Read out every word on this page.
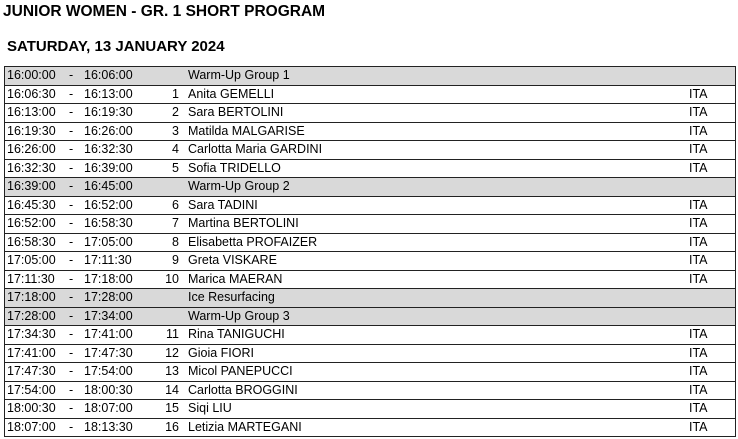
JUNIOR WOMEN - GR. 1 SHORT PROGRAM
SATURDAY, 13 JANUARY 2024
16:00:00 - 16:06:00	Warm-Up Group 1
16:06:30 - 16:13:00	1 Anita GEMELLI	ITA
16:13:00 - 16:19:30	2 Sara BERTOLINI	ITA
16:19:30 - 16:26:00	3 Matilda MALGARISE	ITA
16:26:00 - 16:32:30	4 Carlotta Maria GARDINI	ITA
16:32:30 - 16:39:00	5 Sofia TRIDELLO	ITA
16:39:00 - 16:45:00	Warm-Up Group 2
16:45:30 - 16:52:00	6 Sara TADINI	ITA
16:52:00 - 16:58:30	7 Martina BERTOLINI	ITA
16:58:30 - 17:05:00	8 Elisabetta PROFAIZER	ITA
17:05:00 - 17:11:30	9 Greta VISKARE	ITA
17:11:30 - 17:18:00	10 Marica MAERAN	ITA
17:18:00 - 17:28:00	Ice Resurfacing
17:28:00 - 17:34:00	Warm-Up Group 3
17:34:30 - 17:41:00	11 Rina TANIGUCHI	ITA
17:41:00 - 17:47:30	12 Gioia FIORI	ITA
17:47:30 - 17:54:00	13 Micol PANEPUCCI	ITA
17:54:00 - 18:00:30	14 Carlotta BROGGINI	ITA
18:00:30 - 18:07:00	15 Siqi LIU	ITA
18:07:00 - 18:13:30	16 Letizia MARTEGANI	ITA
